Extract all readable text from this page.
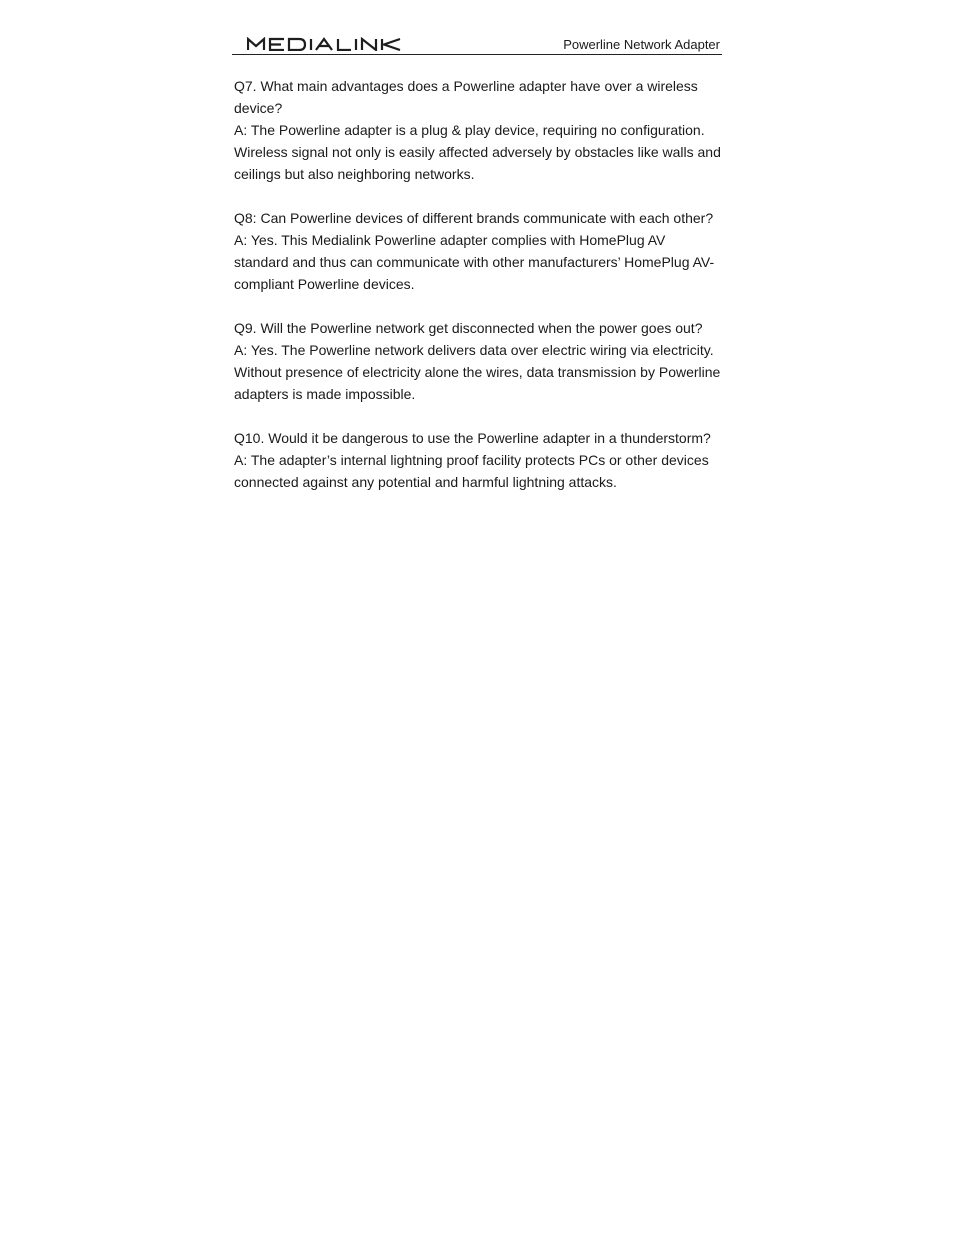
Powerline Network Adapter

Q7. What main advantages does a Powerline adapter have over a wireless device?

A: The Powerline adapter is a plug & play device, requiring no configuration. Wireless signal not only is easily affected adversely by obstacles like walls and ceilings but also neighboring networks.

Q8: Can Powerline devices of different brands communicate with each other?

A: Yes. This Medialink Powerline adapter complies with HomePlug AV standard and thus can communicate with other manufacturers’ HomePlug AV-compliant Powerline devices.

Q9. Will the Powerline network get disconnected when the power goes out?

A: Yes. The Powerline network delivers data over electric wiring via electricity. Without presence of electricity alone the wires, data transmission by Powerline adapters is made impossible.

Q10. Would it be dangerous to use the Powerline adapter in a thunderstorm?

A: The adapter’s internal lightning proof facility protects PCs or other devices connected against any potential and harmful lightning attacks.
